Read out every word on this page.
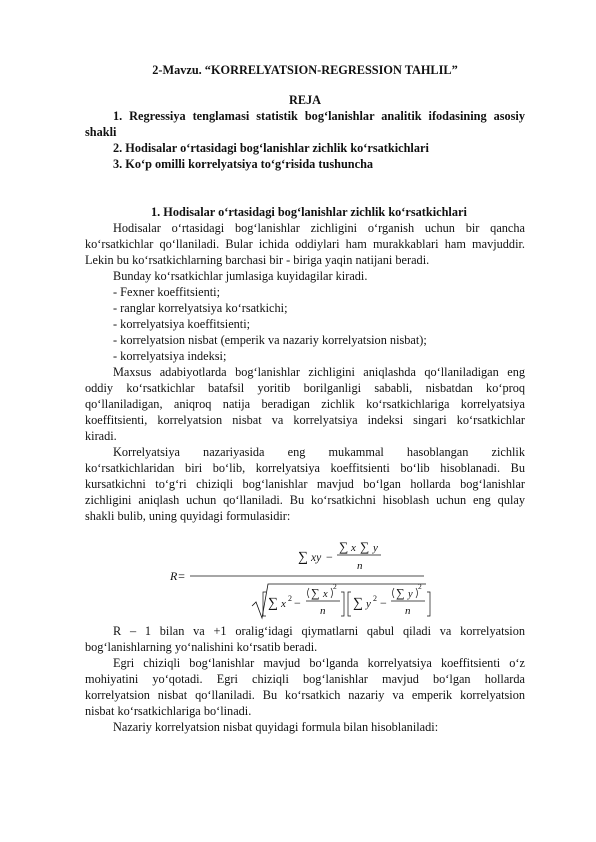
2-Mavzu. “KORRELYATSION-REGRESSION TAHLIL”
REJA
1. Regressiya tenglamasi statistik bog‘lanishlar analitik ifodasining asosiy
shakli
2. Hodisalar o‘rtasidagi bog‘lanishlar zichlik ko‘rsatkichlari
3. Ko‘p omilli korrelyatsiya to‘g‘risida tushuncha
1. Hodisalar o‘rtasidagi bog‘lanishlar zichlik ko‘rsatkichlari
Hodisalar o‘rtasidagi bog‘lanishlar zichligini o‘rganish uchun bir qancha
ko‘rsatkichlar qo‘llaniladi. Bular ichida oddiylari ham murakkablari ham mavjuddir.
Lekin bu ko‘rsatkichlarning barchasi bir - biriga yaqin natijani beradi.
Bunday ko‘rsatkichlar jumlasiga kuyidagilar kiradi.
- Fexner koeffitsienti;
- ranglar korrelyatsiya ko‘rsatkichi;
- korrelyatsiya koeffitsienti;
- korrelyatsion nisbat (emperik va nazariy korrelyatsion nisbat);
- korrelyatsiya indeksi;
Maxsus adabiyotlarda bog‘lanishlar zichligini aniqlashda qo‘llaniladigan eng
oddiy ko‘rsatkichlar batafsil yoritib borilganligi sababli, nisbatdan ko‘proq
qo‘llaniladigan, aniqroq natija beradigan zichlik ko‘rsatkichlariga korrelyatsiya
koeffitsienti, korrelyatsion nisbat va korrelyatsiya indeksi singari ko‘rsatkichlar
kiradi.
Korrelyatsiya nazariyasida eng mukammal hasoblangan zichlik
ko‘rsatkichlaridan biri bo‘lib, korrelyatsiya koeffitsienti bo‘lib hisoblanadi. Bu
kursatkichni to‘g‘ri chiziqli bog‘lanishlar mavjud bo‘lgan hollarda bog‘lanishlar
zichligini aniqlash uchun qo‘llaniladi. Bu ko‘rsatkichni hisoblash uchun eng qulay
shakli bulib, uning quyidagi formulasidir:
R=
∑ xy −
∑ x ∑ y
n
∑ x 2 −
∑ x
2
n ∑ y 2 −
∑ y
2
n
R – 1 bilan va +1 oralig‘idagi qiymatlarni qabul qiladi va korrelyatsion
bog‘lanishlarning yo‘nalishini ko‘rsatib beradi.
Egri chiziqli bog‘lanishlar mavjud bo‘lganda korrelyatsiya koeffitsienti o‘z
mohiyatini yo‘qotadi. Egri chiziqli bog‘lanishlar mavjud bo‘lgan hollarda
korrelyatsion nisbat qo‘llaniladi. Bu ko‘rsatkich nazariy va emperik korrelyatsion
nisbat ko‘rsatkichlariga bo‘linadi.
Nazariy korrelyatsion nisbat quyidagi formula bilan hisoblaniladi:
